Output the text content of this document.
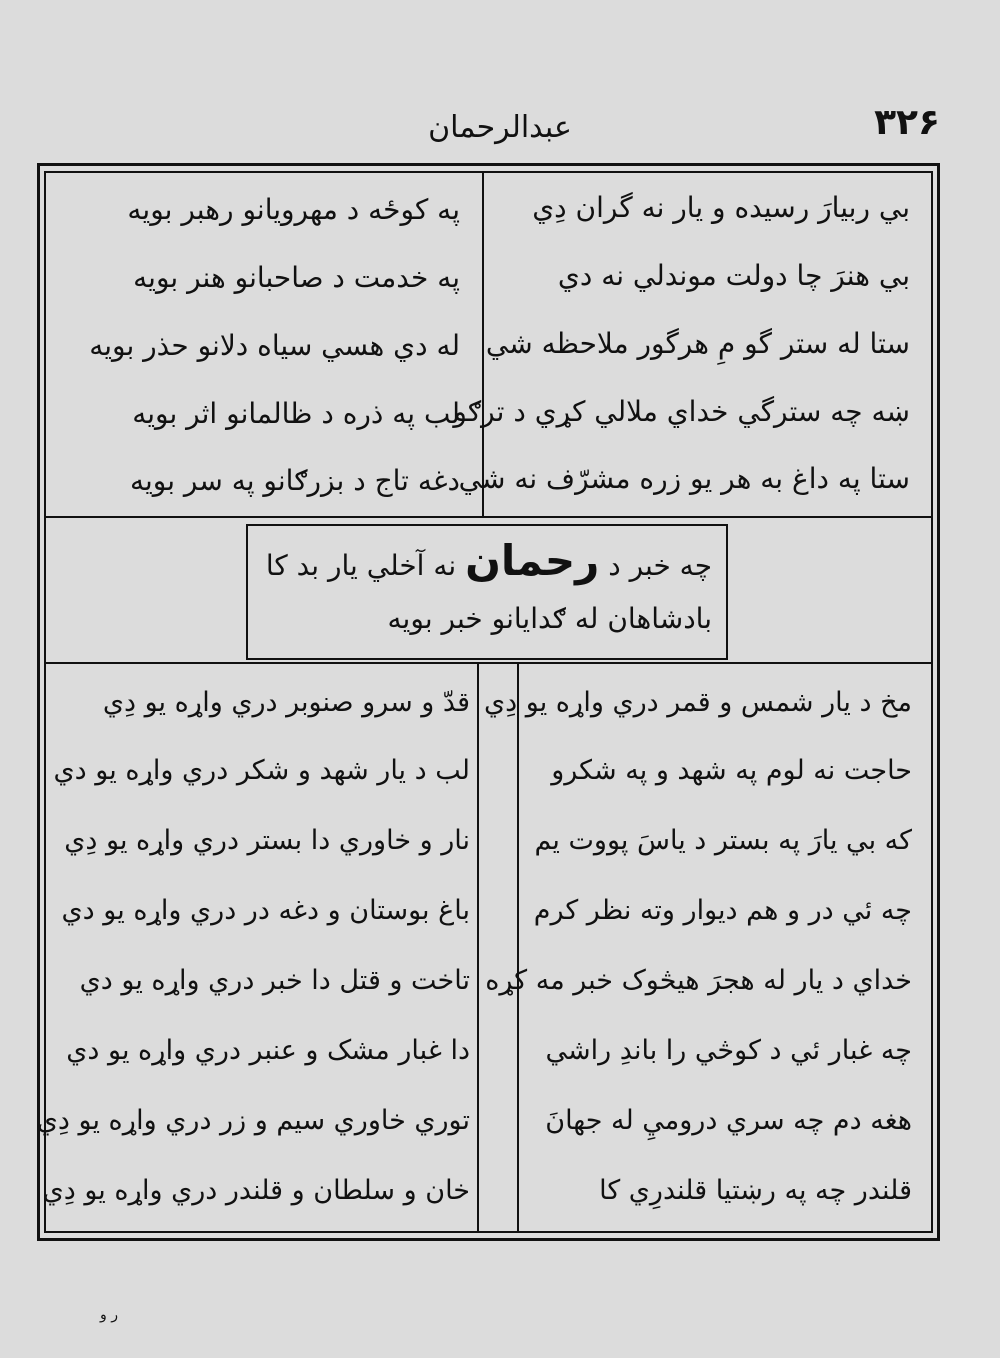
۳۲۶
عبدالرحمان
بي ربيارَ رسيده و يار نه گران دِي
بي هنرَ چا دولت موندلي نه دي
ستا له ستر گو مِ هرگور ملاحظه شي
ښه چه سترگي خداي ملالي کړي د ترګو
ستا په داغ به هر يو زره مشرّف نه شي
په کوځه د مهرويانو رهبر بويه
په خدمت د صاحبانو هنر بويه
له دي هسي سياه دلانو حذر بويه
لب په ذره د ظالمانو اثر بويه
دغه تاج د بزرګانو په سر بويه
چه خبر د رحمان نه آخلي يار بد کا
بادشاهان له ګدايانو خبر بويه
مخ د يار شمس و قمر دري واړه يو دِي
حاجت نه لوم په شهد و په شکرو
که بي يارَ په بستر د ياسَ پووت يم
چه ئي در و هم ديوار وته نظر کرم
خداي د يار له هجرَ هيڅوک خبر مه کړه
چه غبار ئي د کوڅي را باندِ راشي
هغه دم چه سري دروميِ له جهانَ
قلندر چه په رښتيا قلندرِي کا
قدّ و سرو صنوبر دري واړه يو دِي
لب د يار شهد و شکر دري واړه يو دي
نار و خاوري دا بستر دري واړه يو دِي
باغ بوستان و دغه در دري واړه يو دي
تاخت و قتل دا خبر دري واړه يو دي
دا غبار مشک و عنبر دري واړه يو دي
توري خاوري سيم و زر دري واړه يو دِي
خان و سلطان و قلندر دري واړه يو دِي
ر و
